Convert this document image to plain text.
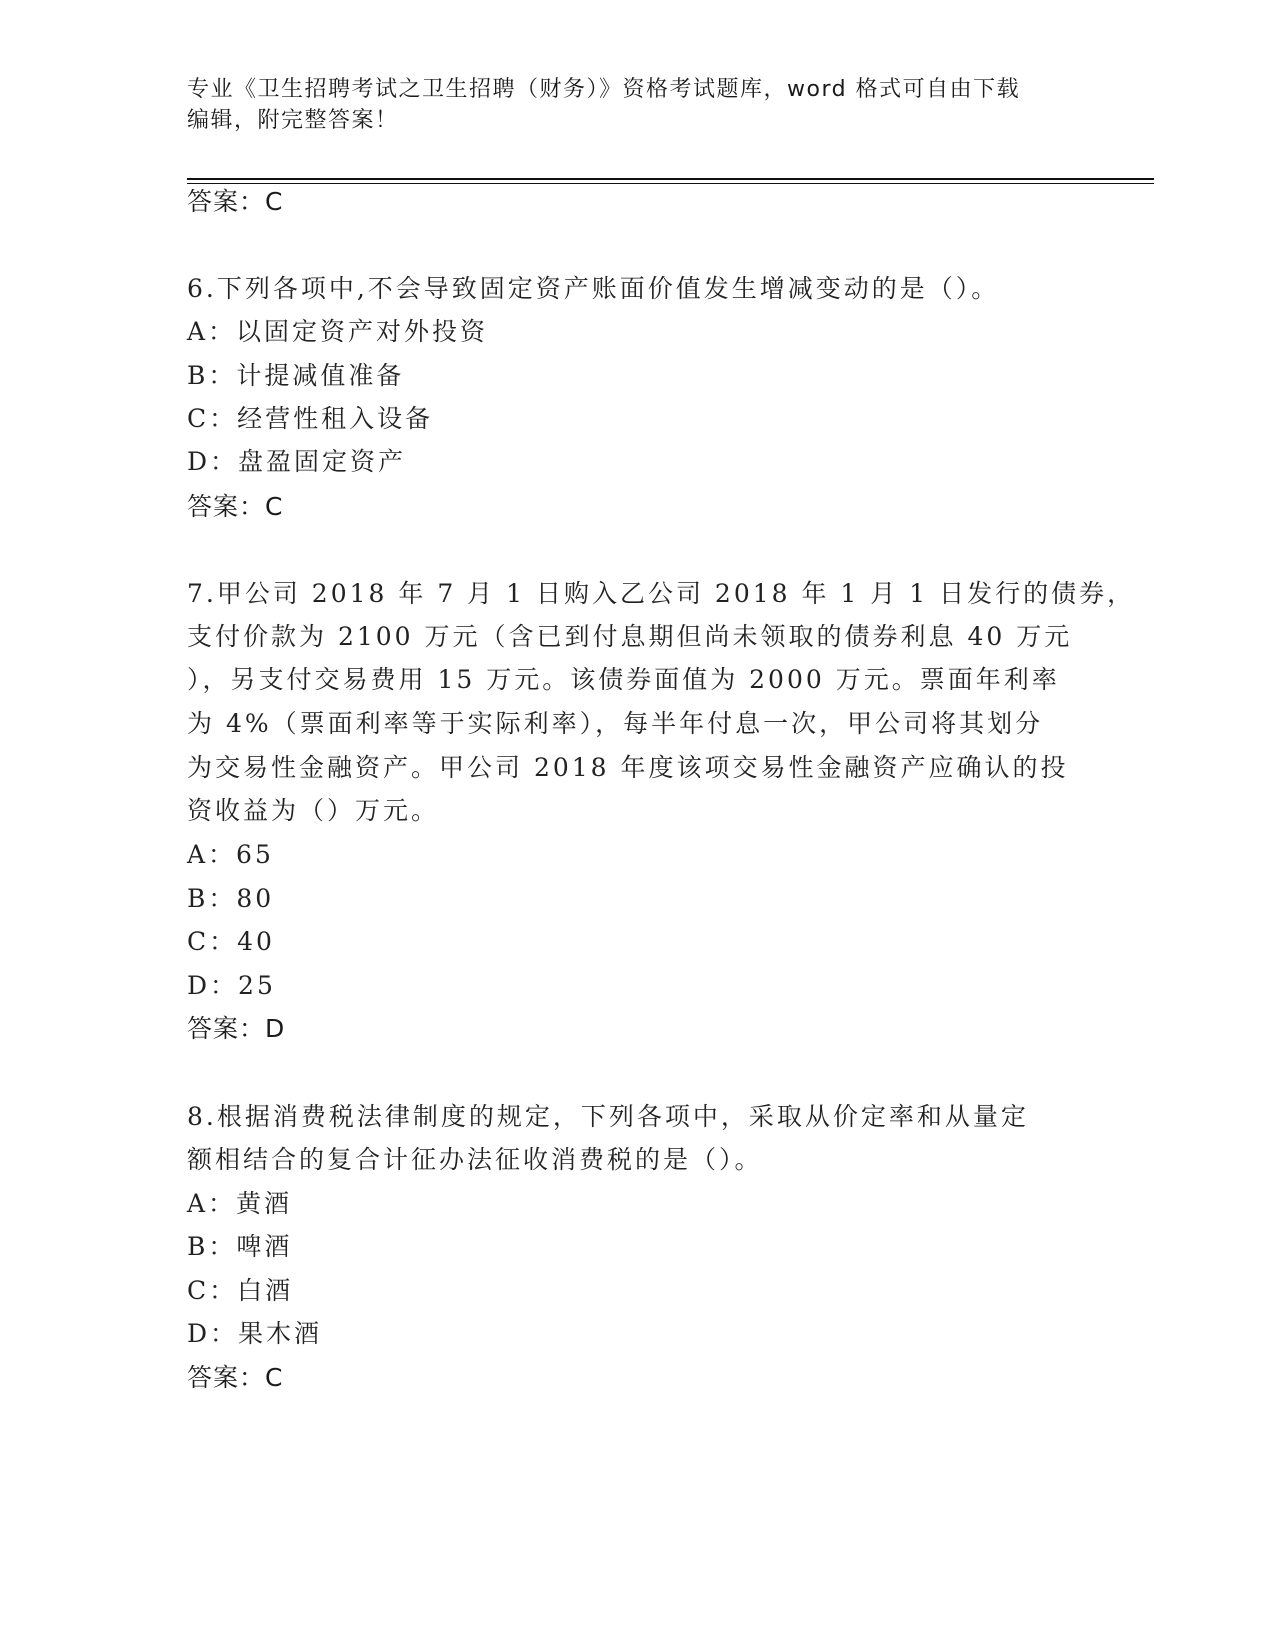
专业《卫生招聘考试之卫生招聘（财务）》资格考试题库，word 格式可自由下载
编辑，附完整答案！
答案：C
6.下列各项中,不会导致固定资产账面价值发生增减变动的是（）。
A：以固定资产对外投资
B：计提减值准备
C：经营性租入设备
D：盘盈固定资产
答案：C
7.甲公司 2018 年 7 月 1 日购入乙公司 2018 年 1 月 1 日发行的债券，
支付价款为 2100 万元（含已到付息期但尚未领取的债券利息 40 万元
），另支付交易费用 15 万元。该债券面值为 2000 万元。票面年利率
为 4%（票面利率等于实际利率），每半年付息一次，甲公司将其划分
为交易性金融资产。甲公司 2018 年度该项交易性金融资产应确认的投
资收益为（）万元。
A：65
B：80
C：40
D：25
答案：D
8.根据消费税法律制度的规定，下列各项中，采取从价定率和从量定
额相结合的复合计征办法征收消费税的是（）。
A：黄酒
B：啤酒
C：白酒
D：果木酒
答案：C
